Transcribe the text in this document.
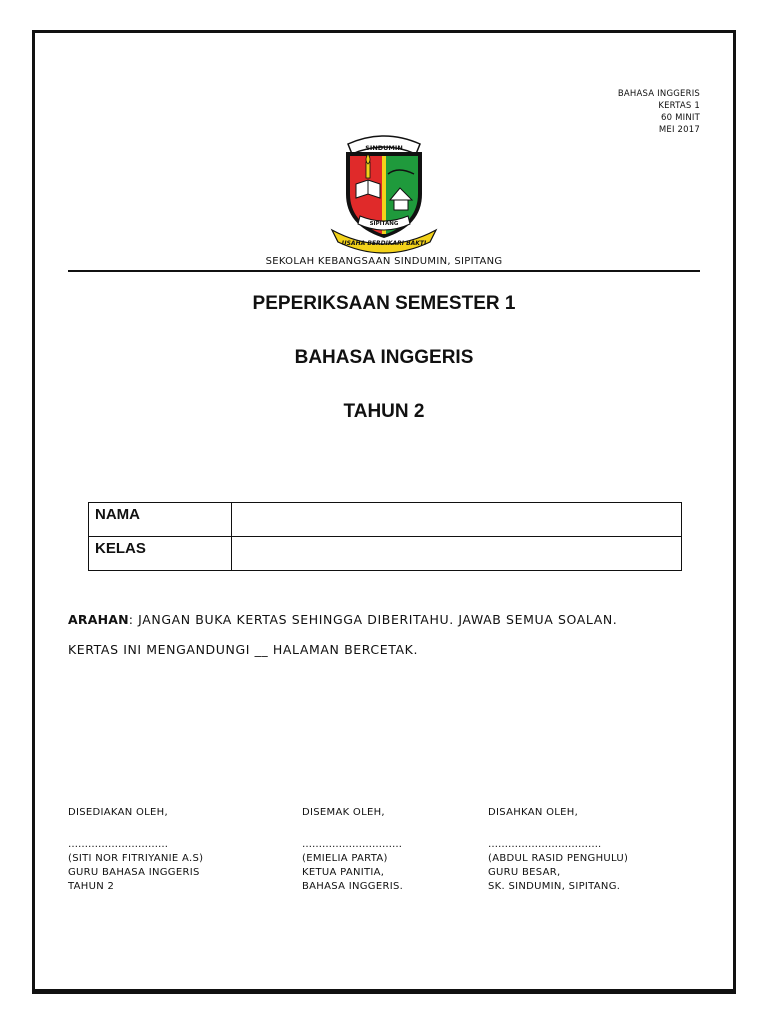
BAHASA INGGERIS
KERTAS 1
60 MINIT
MEI 2017
SINDUMIN
SIPITANG
USAHA BERDIKARI BAKTI
SEKOLAH KEBANGSAAN SINDUMIN, SIPITANG
PEPERIKSAAN SEMESTER 1
BAHASA INGGERIS
TAHUN 2
NAMA	
KELAS	
ARAHAN: JANGAN BUKA KERTAS SEHINGGA DIBERITAHU. JAWAB SEMUA SOALAN.
KERTAS INI MENGANDUNGI __ HALAMAN BERCETAK.
DISEDIAKAN OLEH,
…………………………
(SITI NOR FITRIYANIE A.S)
GURU BAHASA INGGERIS
TAHUN 2
DISEMAK OLEH,
…………………………
(EMIELIA PARTA)
KETUA PANITIA,
BAHASA INGGERIS.
DISAHKAN OLEH,
…………………………….
(ABDUL RASID PENGHULU)
GURU BESAR,
SK. SINDUMIN, SIPITANG.
